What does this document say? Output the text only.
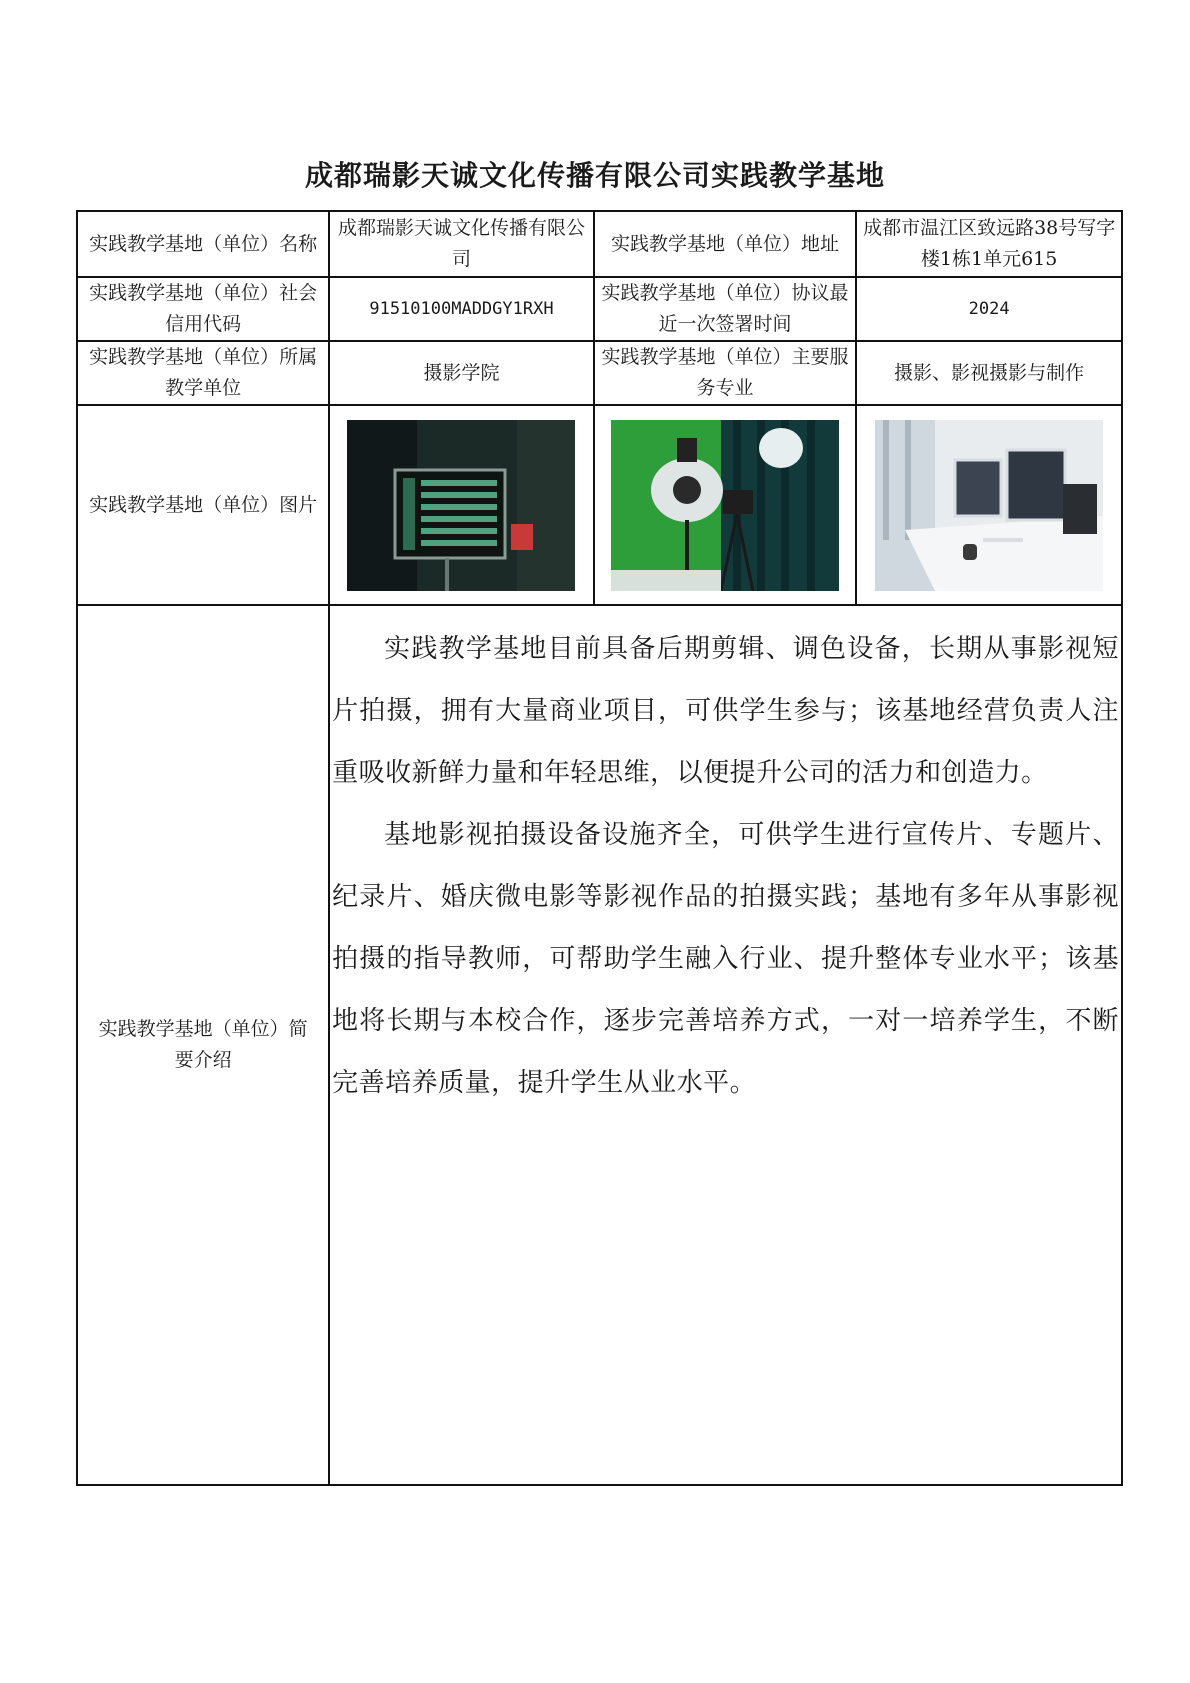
成都瑞影天诚文化传播有限公司实践教学基地
实践教学基地（单位）名称	成都瑞影天诚文化传播有限公司	实践教学基地（单位）地址	成都市温江区致远路38号写字楼1栋1单元615
实践教学基地（单位）社会信用代码	91510100MADDGY1RXH	实践教学基地（单位）协议最近一次签署时间	2024
实践教学基地（单位）所属教学单位	摄影学院	实践教学基地（单位）主要服务专业	摄影、影视摄影与制作
实践教学基地（单位）图片	

实践教学基地（单位）简要介绍	实践教学基地目前具备后期剪辑、调色设备，长期从事影视短片拍摄，拥有大量商业项目，可供学生参与；该基地经营负责人注重吸收新鲜力量和年轻思维，以便提升公司的活力和创造力。

基地影视拍摄设备设施齐全，可供学生进行宣传片、专题片、纪录片、婚庆微电影等影视作品的拍摄实践；基地有多年从事影视拍摄的指导教师，可帮助学生融入行业、提升整体专业水平；该基地将长期与本校合作，逐步完善培养方式，一对一培养学生，不断完善培养质量，提升学生从业水平。		
